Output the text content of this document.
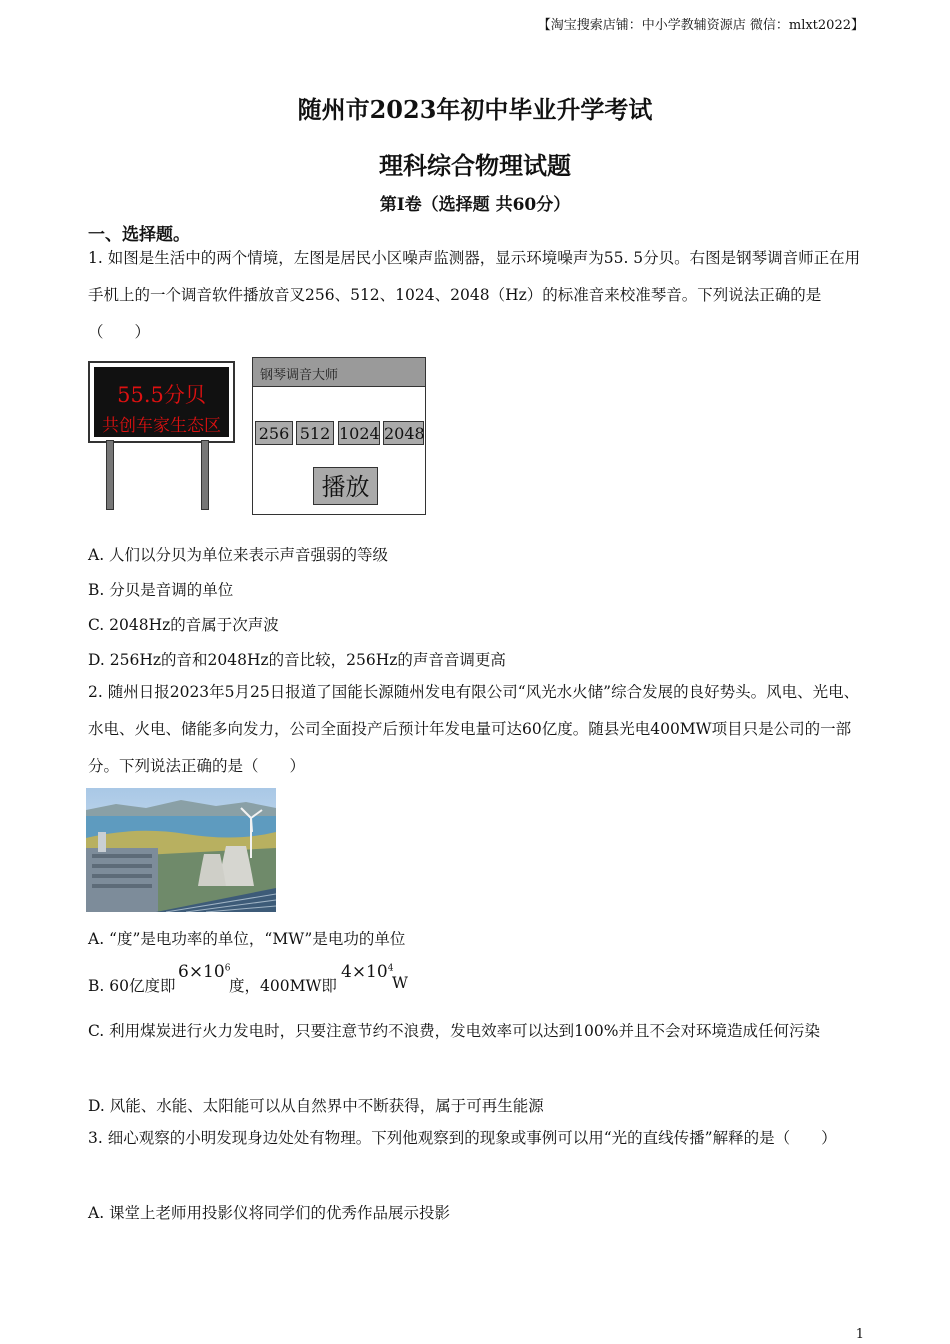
【淘宝搜索店铺：中小学教辅资源店 微信：mlxt2022】
随州市2023年初中毕业升学考试
理科综合物理试题
第I卷（选择题 共60分）
一、选择题。
1. 如图是生活中的两个情境，左图是居民小区噪声监测器，显示环境噪声为55. 5分贝。右图是钢琴调音师正在用手机上的一个调音软件播放音叉256、512、1024、2048（Hz）的标准音来校准琴音。下列说法正确的是（　　）
55.5分贝
共创车家生态区
钢琴调音大师
256 512 1024 2048
播放
A. 人们以分贝为单位来表示声音强弱的等级
B. 分贝是音调的单位
C. 2048Hz的音属于次声波
D. 256Hz的音和2048Hz的音比较，256Hz的声音音调更高
2. 随州日报2023年5月25日报道了国能长源随州发电有限公司“风光水火储”综合发展的良好势头。风电、光电、水电、火电、储能多向发力，公司全面投产后预计年发电量可达60亿度。随县光电400MW项目只是公司的一部分。下列说法正确的是（　　）
A. “度”是电功率的单位，“MW”是电功的单位
B. 60亿度即
$6\times 10^6$
度，400MW即
$4\times 10^4$
W
C. 利用煤炭进行火力发电时，只要注意节约不浪费，发电效率可以达到100%并且不会对环境造成任何污染
D. 风能、水能、太阳能可以从自然界中不断获得，属于可再生能源
3. 细心观察的小明发现身边处处有物理。下列他观察到的现象或事例可以用“光的直线传播”解释的是（　　）
A. 课堂上老师用投影仪将同学们的优秀作品展示投影
1
